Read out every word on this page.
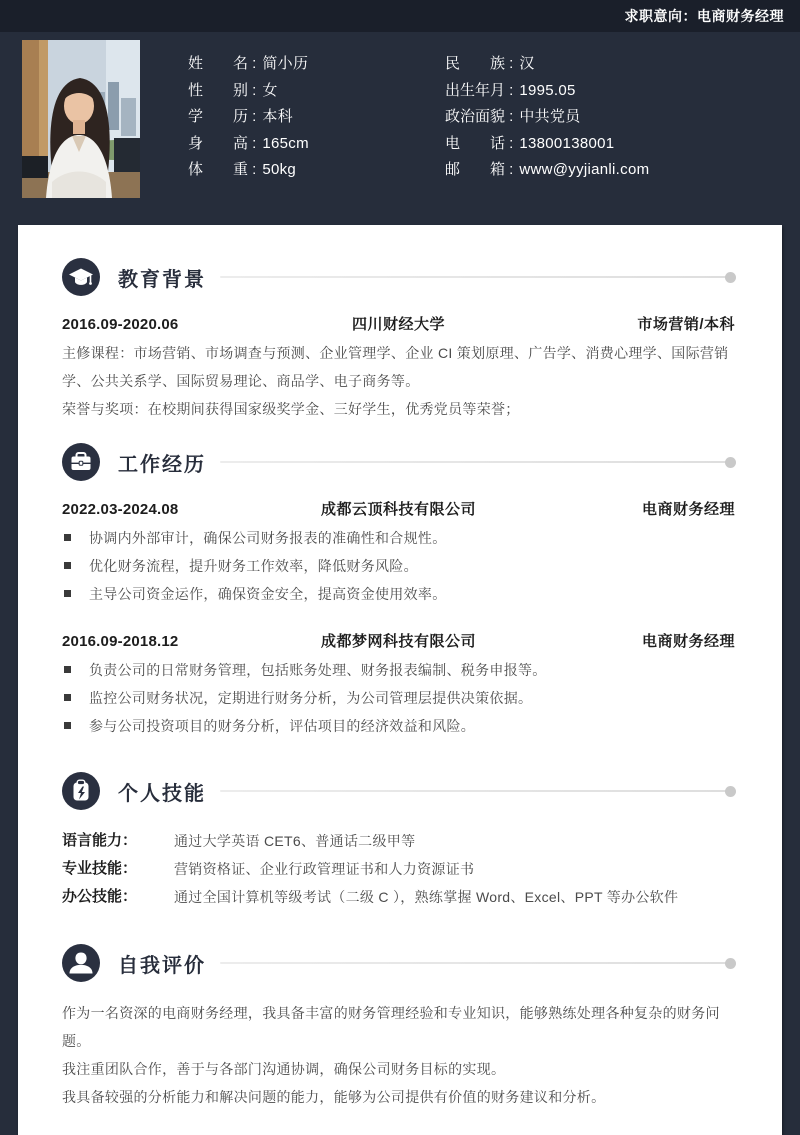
求职意向：电商财务经理
姓　　名 : 简小历
性　　别 : 女
学　　历 : 本科
身　　高 : 165cm
体　　重 : 50kg
民　　族 : 汉
出生年月 : 1995.05
政治面貌 : 中共党员
电　　话 : 13800138001
邮　　箱 : www@yyjianli.com
教育背景
2016.09-2020.06	四川财经大学	市场营销/本科

主修课程：市场营销、市场调查与预测、企业管理学、企业 CI 策划原理、广告学、消费心理学、国际营销学、公共关系学、国际贸易理论、商品学、电子商务等。

荣誉与奖项：在校期间获得国家级奖学金、三好学生，优秀党员等荣誉；

工作经历
2022.03-2024.08	成都云顶科技有限公司	电商财务经理
协调内外部审计，确保公司财务报表的准确性和合规性。
优化财务流程，提升财务工作效率，降低财务风险。
主导公司资金运作，确保资金安全，提高资金使用效率。
2016.09-2018.12	成都梦网科技有限公司	电商财务经理
负责公司的日常财务管理，包括账务处理、财务报表编制、税务申报等。
监控公司财务状况，定期进行财务分析，为公司管理层提供决策依据。
参与公司投资项目的财务分析，评估项目的经济效益和风险。
个人技能
语言能力：	通过大学英语 CET6、普通话二级甲等
专业技能：	营销资格证、企业行政管理证书和人力资源证书
办公技能：	通过全国计算机等级考试（二级 C ），熟练掌握 Word、Excel、PPT 等办公软件
自我评价

作为一名资深的电商财务经理，我具备丰富的财务管理经验和专业知识，能够熟练处理各种复杂的财务问题。

我注重团队合作，善于与各部门沟通协调，确保公司财务目标的实现。

我具备较强的分析能力和解决问题的能力，能够为公司提供有价值的财务建议和分析。
